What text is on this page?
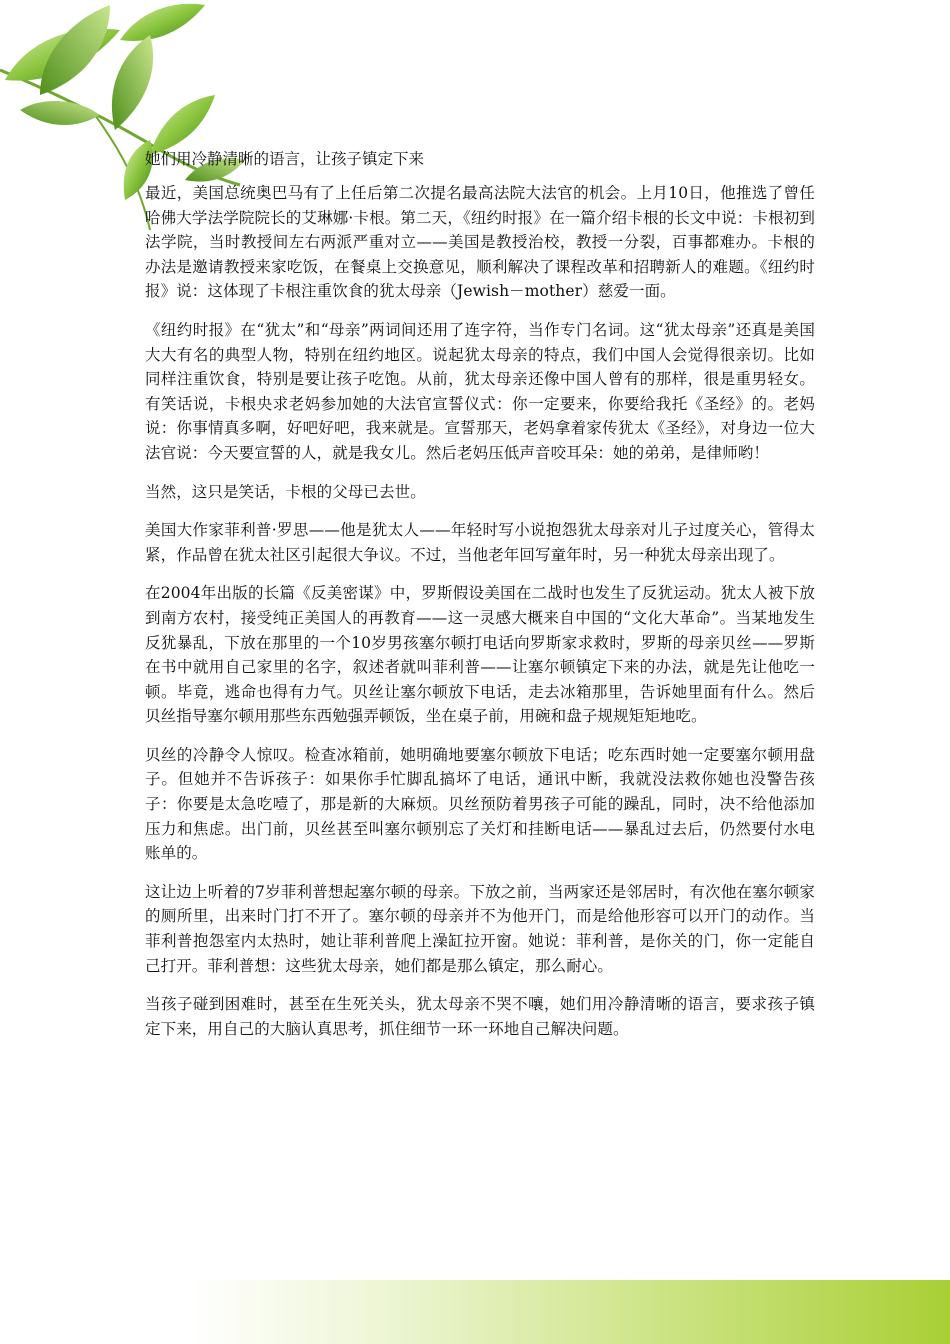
她们用冷静清晰的语言，让孩子镇定下来

最近，美国总统奥巴马有了上任后第二次提名最高法院大法官的机会。上月10日，他推选了曾任哈佛大学法学院院长的艾琳娜·卡根。第二天，《纽约时报》在一篇介绍卡根的长文中说：卡根初到法学院，当时教授间左右两派严重对立——美国是教授治校，教授一分裂，百事都难办。卡根的办法是邀请教授来家吃饭，在餐桌上交换意见，顺利解决了课程改革和招聘新人的难题。《纽约时报》说：这体现了卡根注重饮食的犹太母亲（Jewish－mother）慈爱一面。

《纽约时报》在“犹太”和“母亲”两词间还用了连字符，当作专门名词。这“犹太母亲”还真是美国大大有名的典型人物，特别在纽约地区。说起犹太母亲的特点，我们中国人会觉得很亲切。比如同样注重饮食，特别是要让孩子吃饱。从前，犹太母亲还像中国人曾有的那样，很是重男轻女。有笑话说，卡根央求老妈参加她的大法官宣誓仪式：你一定要来，你要给我托《圣经》的。老妈说：你事情真多啊，好吧好吧，我来就是。宣誓那天，老妈拿着家传犹太《圣经》，对身边一位大法官说：今天要宣誓的人，就是我女儿。然后老妈压低声音咬耳朵：她的弟弟，是律师哟！

当然，这只是笑话，卡根的父母已去世。

美国大作家菲利普·罗思——他是犹太人——年轻时写小说抱怨犹太母亲对儿子过度关心，管得太紧，作品曾在犹太社区引起很大争议。不过，当他老年回写童年时，另一种犹太母亲出现了。

在2004年出版的长篇《反美密谋》中，罗斯假设美国在二战时也发生了反犹运动。犹太人被下放到南方农村，接受纯正美国人的再教育——这一灵感大概来自中国的“文化大革命”。当某地发生反犹暴乱，下放在那里的一个10岁男孩塞尔顿打电话向罗斯家求救时，罗斯的母亲贝丝——罗斯在书中就用自己家里的名字，叙述者就叫菲利普——让塞尔顿镇定下来的办法，就是先让他吃一顿。毕竟，逃命也得有力气。贝丝让塞尔顿放下电话，走去冰箱那里，告诉她里面有什么。然后贝丝指导塞尔顿用那些东西勉强弄顿饭，坐在桌子前，用碗和盘子规规矩矩地吃。

贝丝的冷静令人惊叹。检查冰箱前，她明确地要塞尔顿放下电话；吃东西时她一定要塞尔顿用盘子。但她并不告诉孩子：如果你手忙脚乱搞坏了电话，通讯中断，我就没法救你她也没警告孩子：你要是太急吃噎了，那是新的大麻烦。贝丝预防着男孩子可能的躁乱，同时，决不给他添加压力和焦虑。出门前，贝丝甚至叫塞尔顿别忘了关灯和挂断电话——暴乱过去后，仍然要付水电账单的。

这让边上听着的7岁菲利普想起塞尔顿的母亲。下放之前，当两家还是邻居时，有次他在塞尔顿家的厕所里，出来时门打不开了。塞尔顿的母亲并不为他开门，而是给他形容可以开门的动作。当菲利普抱怨室内太热时，她让菲利普爬上澡缸拉开窗。她说：菲利普，是你关的门，你一定能自己打开。菲利普想：这些犹太母亲，她们都是那么镇定，那么耐心。

当孩子碰到困难时，甚至在生死关头，犹太母亲不哭不嚷，她们用冷静清晰的语言，要求孩子镇定下来，用自己的大脑认真思考，抓住细节一环一环地自己解决问题。
